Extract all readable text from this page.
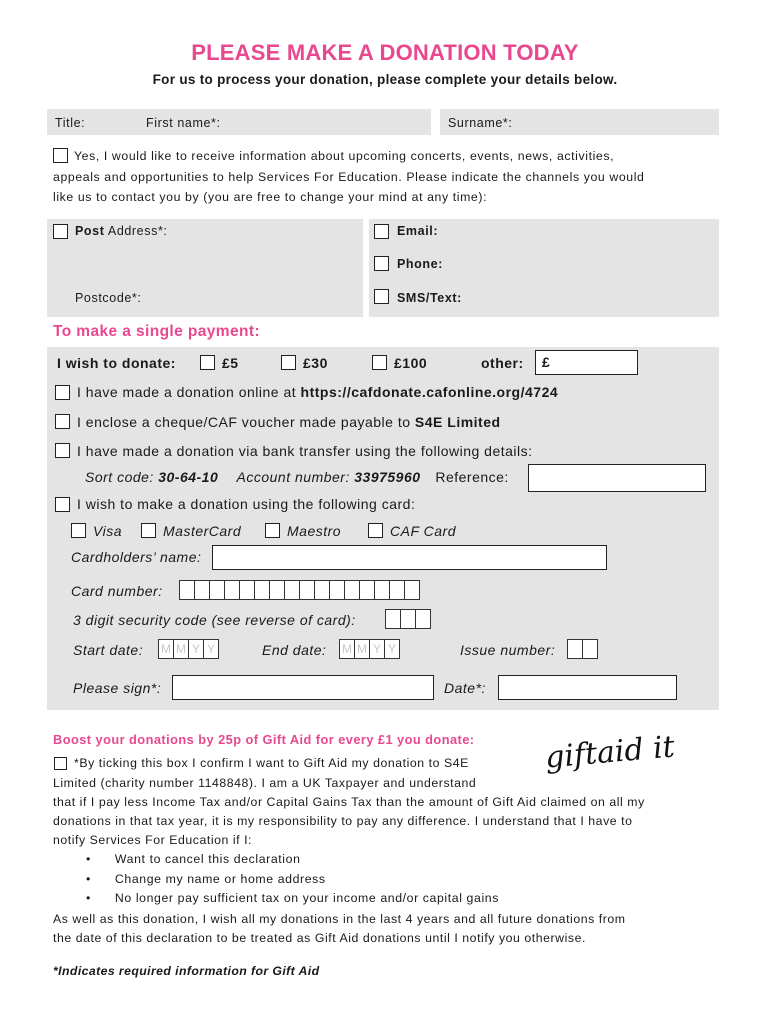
PLEASE MAKE A DONATION TODAY
For us to process your donation, please complete your details below.
Title:	First name*:	Surname*:
Yes, I would like to receive information about upcoming concerts, events, news, activities,
appeals and opportunities to help Services For Education. Please indicate the channels you would
like us to contact you by (you are free to change your mind at any time):
Post Address*:
Postcode*:
Email:
Phone:
SMS/Text:
To make a single payment:
I wish to donate:	£5	£30	£100	other:	£
I have made a donation online at https://cafdonate.cafonline.org/4724
I enclose a cheque/CAF voucher made payable to S4E Limited
I have made a donation via bank transfer using the following details:
Sort code: 30-64-10 Account number: 33975960 Reference:
I wish to make a donation using the following card:
Visa	MasterCard	Maestro	CAF Card
Cardholders’ name:
Card number:
3 digit security code (see reverse of card):
Start date: M M Y Y	End date: M M Y Y	Issue number:
Please sign*:	Date*:
Boost your donations by 25p of Gift Aid for every £1 you donate: giftaid it
*By ticking this box I confirm I want to Gift Aid my donation to S4E
Limited (charity number 1148848). I am a UK Taxpayer and understand
that if I pay less Income Tax and/or Capital Gains Tax than the amount of Gift Aid claimed on all my
donations in that tax year, it is my responsibility to pay any difference. I understand that I have to
notify Services For Education if I:
• Want to cancel this declaration
• Change my name or home address
• No longer pay sufficient tax on your income and/or capital gains
As well as this donation, I wish all my donations in the last 4 years and all future donations from
the date of this declaration to be treated as Gift Aid donations until I notify you otherwise.
*Indicates required information for Gift Aid
